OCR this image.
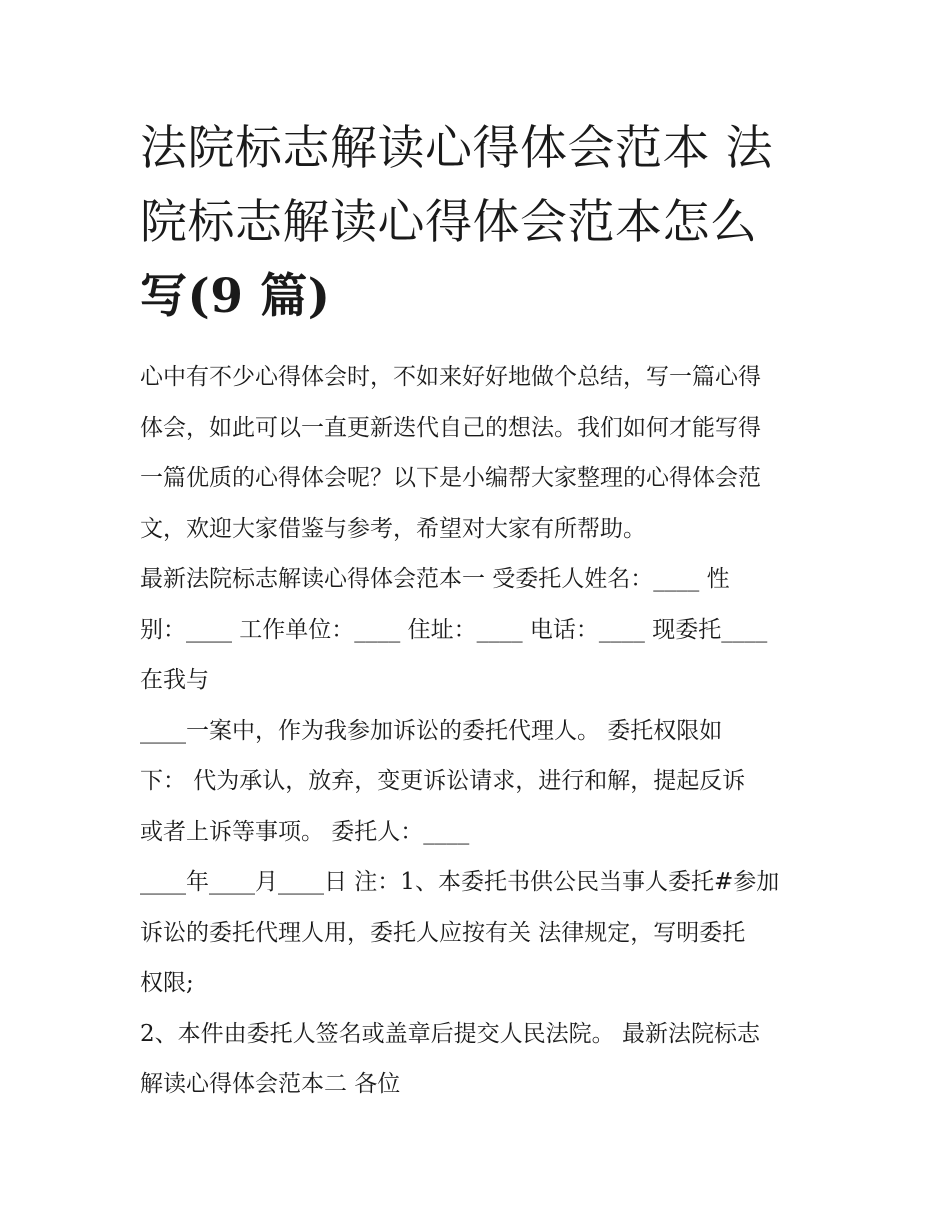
法院标志解读心得体会范本 法
院标志解读心得体会范本怎么
写(9 篇)

心中有不少心得体会时，不如来好好地做个总结，写一篇心得
体会，如此可以一直更新迭代自己的想法。我们如何才能写得
一篇优质的心得体会呢？以下是小编帮大家整理的心得体会范
文，欢迎大家借鉴与参考，希望对大家有所帮助。

最新法院标志解读心得体会范本一 受委托人姓名：____ 性
别：____ 工作单位：____ 住址：____ 电话：____ 现委托____
在我与

____一案中，作为我参加诉讼的委托代理人。 委托权限如
下： 代为承认，放弃，变更诉讼请求，进行和解，提起反诉
或者上诉等事项。 委托人：____

____年____月____日 注：1、本委托书供公民当事人委托#参加
诉讼的委托代理人用，委托人应按有关 法律规定，写明委托
权限;

2、本件由委托人签名或盖章后提交人民法院。 最新法院标志
解读心得体会范本二 各位
